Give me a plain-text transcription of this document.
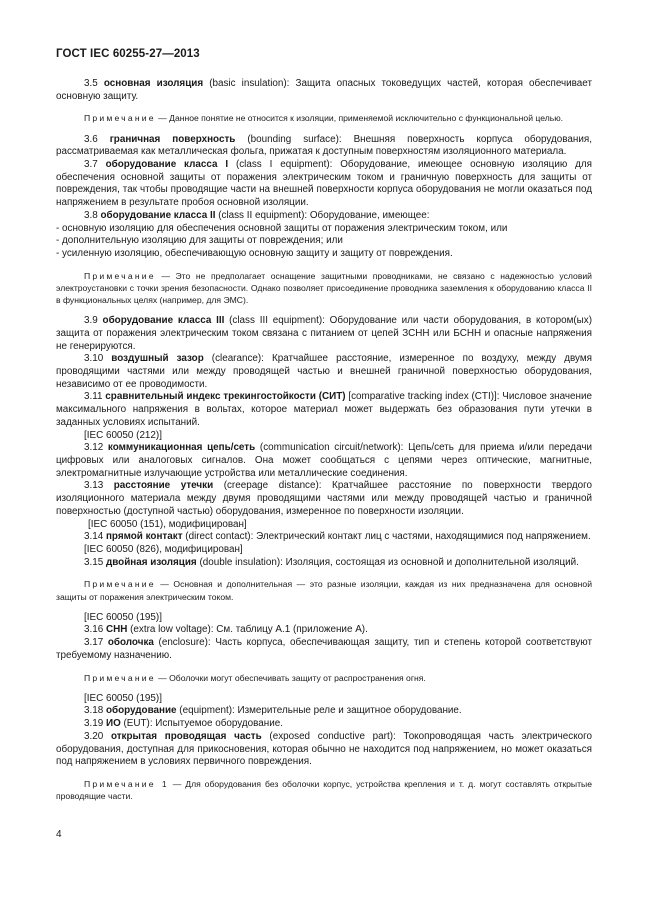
ГОСТ IEC 60255-27—2013

3.5 основная изоляция (basic insulation): Защита опасных токоведущих частей, которая обеспечивает основную защиту.

Примечание — Данное понятие не относится к изоляции, применяемой исключительно с функциональной целью.

3.6 граничная поверхность (bounding surface): Внешняя поверхность корпуса оборудования, рассматриваемая как металлическая фольга, прижатая к доступным поверхностям изоляционного материала.

3.7 оборудование класса I (class I equipment): Оборудование, имеющее основную изоляцию для обеспечения основной защиты от поражения электрическим током и граничную поверхность для защиты от повреждения, так чтобы проводящие части на внешней поверхности корпуса оборудования не могли оказаться под напряжением в результате пробоя основной изоляции.

3.8 оборудование класса II (class II equipment): Оборудование, имеющее:

- основную изоляцию для обеспечения основной защиты от поражения электрическим током, или

- дополнительную изоляцию для защиты от повреждения; или

- усиленную изоляцию, обеспечивающую основную защиту и защиту от повреждения.

Примечание — Это не предполагает оснащение защитными проводниками, не связано с надежностью условий электроустановки с точки зрения безопасности. Однако позволяет присоединение проводника заземления к оборудованию класса II в функциональных целях (например, для ЭМС).

3.9 оборудование класса III (class III equipment): Оборудование или части оборудования, в котором(ых) защита от поражения электрическим током связана с питанием от цепей ЗСНН или БСНН и опасные напряжения не генерируются.

3.10 воздушный зазор (clearance): Кратчайшее расстояние, измеренное по воздуху, между двумя проводящими частями или между проводящей частью и внешней граничной поверхностью оборудования, независимо от ее проводимости.

3.11 сравнительный индекс трекингостойкости (СИТ) [comparative tracking index (CTI)]: Числовое значение максимального напряжения в вольтах, которое материал может выдержать без образования пути утечки в заданных условиях испытаний.

[IEC 60050 (212)]

3.12 коммуникационная цепь/сеть (communication circuit/network): Цепь/сеть для приема и/или передачи цифровых или аналоговых сигналов. Она может сообщаться с цепями через оптические, магнитные, электромагнитные излучающие устройства или металлические соединения.

3.13 расстояние утечки (creepage distance): Кратчайшее расстояние по поверхности твердого изоляционного материала между двумя проводящими частями или между проводящей частью и граничной поверхностью (доступной частью) оборудования, измеренное по поверхности изоляции.

[IEC 60050 (151), модифицирован]

3.14 прямой контакт (direct contact): Электрический контакт лиц с частями, находящимися под напряжением.

[IEC 60050 (826), модифицирован]

3.15 двойная изоляция (double insulation): Изоляция, состоящая из основной и дополнительной изоляций.

Примечание — Основная и дополнительная — это разные изоляции, каждая из них предназначена для основной защиты от поражения электрическим током.

[IEC 60050 (195)]

3.16 СНН (extra low voltage): См. таблицу А.1 (приложение А).

3.17 оболочка (enclosure): Часть корпуса, обеспечивающая защиту, тип и степень которой соответствуют требуемому назначению.

Примечание — Оболочки могут обеспечивать защиту от распространения огня.

[IEC 60050 (195)]

3.18 оборудование (equipment): Измерительные реле и защитное оборудование.

3.19 ИО (EUT): Испытуемое оборудование.

3.20 открытая проводящая часть (exposed conductive part): Токопроводящая часть электрического оборудования, доступная для прикосновения, которая обычно не находится под напряжением, но может оказаться под напряжением в условиях первичного повреждения.

Примечание 1 — Для оборудования без оболочки корпус, устройства крепления и т. д. могут составлять открытые проводящие части.

4
